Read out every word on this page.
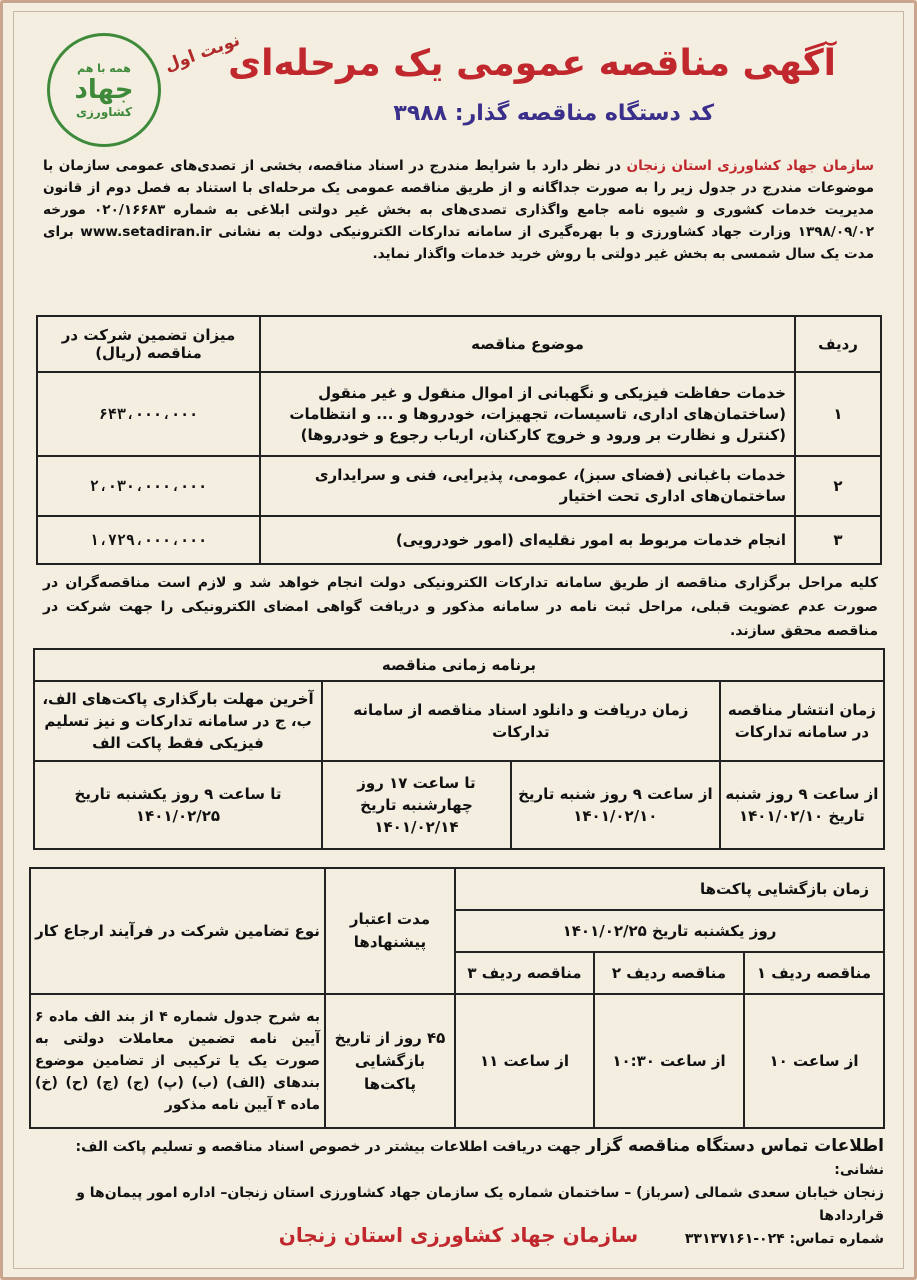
همه با هم
جهاد
کشاورزی
نوبت اول
آگهی مناقصه عمومی یک مرحله‌ای
کد دستگاه مناقصه گذار: ۳۹۸۸
سازمان جهاد کشاورزی استان زنجان در نظر دارد با شرایط مندرج در اسناد مناقصه، بخشی از تصدی‌های عمومی سازمان با موضوعات مندرج در جدول زیر را به صورت جداگانه و از طریق مناقصه عمومی یک مرحله‌ای با استناد به فصل دوم از قانون مدیریت خدمات کشوری و شیوه نامه جامع واگذاری تصدی‌های به بخش غیر دولتی ابلاغی به شماره ۰۲۰/۱۶۶۸۳ مورخه ۱۳۹۸/۰۹/۰۲ وزارت جهاد کشاورزی و با بهره‌گیری از سامانه تدارکات الکترونیکی دولت به نشانی www.setadiran.ir برای مدت یک سال شمسی به بخش غیر دولتی با روش خرید خدمات واگذار نماید.
ردیف	موضوع مناقصه	میزان تضمین شرکت در مناقصه (ریال)
۱	خدمات حفاظت فیزیکی و نگهبانی از اموال منقول و غیر منقول (ساختمان‌های اداری، تاسیسات، تجهیزات، خودروها و ... و انتظامات (کنترل و نظارت بر ورود و خروج کارکنان، ارباب رجوع و خودروها)	۶۴۳،۰۰۰،۰۰۰
۲	خدمات باغبانی (فضای سبز)، عمومی، پذیرایی، فنی و سرایداری ساختمان‌های اداری تحت اختیار	۲،۰۳۰،۰۰۰،۰۰۰
۳	انجام خدمات مربوط به امور نقلیه‌ای (امور خودرویی)	۱،۷۲۹،۰۰۰،۰۰۰
کلیه مراحل برگزاری مناقصه از طریق سامانه تدارکات الکترونیکی دولت انجام خواهد شد و لازم است مناقصه‌گران در صورت عدم عضویت قبلی، مراحل ثبت نامه در سامانه مذکور و دریافت گواهی امضای الکترونیکی را جهت شرکت در مناقصه محقق سازند.
برنامه زمانی مناقصه			
زمان انتشار مناقصه در سامانه تدارکات	زمان دریافت و دانلود اسناد مناقصه از سامانه تدارکات		آخرین مهلت بارگذاری پاکت‌های الف، ب، ج در سامانه تدارکات و نیز تسلیم فیزیکی فقط پاکت الف
از ساعت ۹ روز شنبه تاریخ ۱۴۰۱/۰۲/۱۰	از ساعت ۹ روز شنبه تاریخ ۱۴۰۱/۰۲/۱۰	تا ساعت ۱۷ روز چهارشنبه تاریخ ۱۴۰۱/۰۲/۱۴	تا ساعت ۹ روز یکشنبه تاریخ ۱۴۰۱/۰۲/۲۵
زمان بازگشایی پاکت‌ها			مدت اعتبار پیشنهادها	نوع تضامین شرکت در فرآیند ارجاع کار
روز یکشنبه تاریخ ۱۴۰۱/۰۲/۲۵				
مناقصه ردیف ۱	مناقصه ردیف ۲	مناقصه ردیف ۳		
از ساعت ۱۰	از ساعت ۱۰:۳۰	از ساعت ۱۱	۴۵ روز از تاریخ بازگشایی پاکت‌ها	به شرح جدول شماره ۴ از بند الف ماده ۶ آیین نامه تضمین معاملات دولتی به صورت یک یا ترکیبی از تضامین موضوع بندهای (الف) (ب) (پ) (ج) (چ) (ح) (خ) ماده ۴ آیین نامه مذکور
اطلاعات تماس دستگاه مناقصه گزار جهت دریافت اطلاعات بیشتر در خصوص اسناد مناقصه و تسلیم پاکت الف: نشانی:
زنجان خیابان سعدی شمالی (سرباز) – ساختمان شماره یک سازمان جهاد کشاورزی استان زنجان– اداره امور پیمان‌ها و قراردادها
شماره تماس: ۰۲۴-۳۳۱۳۷۱۶۱
سازمان جهاد کشاورزی استان زنجان
